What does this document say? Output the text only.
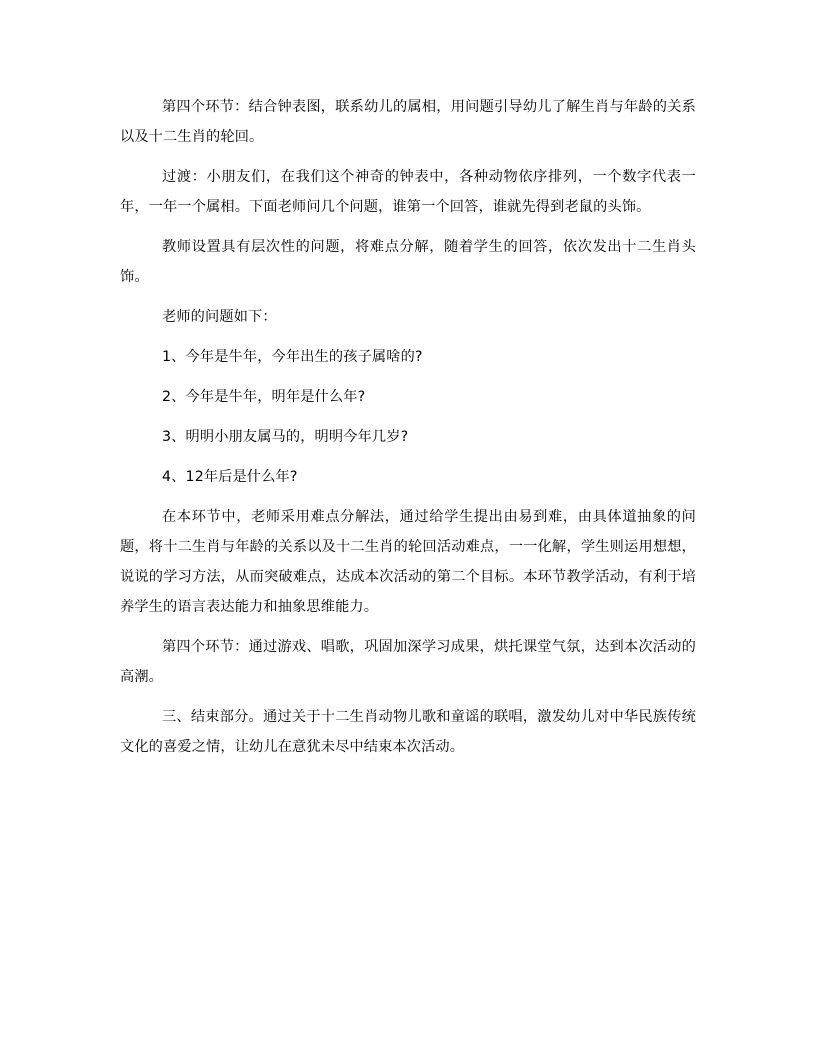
第四个环节：结合钟表图，联系幼儿的属相，用问题引导幼儿了解生肖与年龄的关系以及十二生肖的轮回。

过渡：小朋友们，在我们这个神奇的钟表中，各种动物依序排列，一个数字代表一年，一年一个属相。下面老师问几个问题，谁第一个回答，谁就先得到老鼠的头饰。

教师设置具有层次性的问题，将难点分解，随着学生的回答，依次发出十二生肖头饰。

老师的问题如下：

1、今年是牛年，今年出生的孩子属啥的?

2、今年是牛年，明年是什么年?

3、明明小朋友属马的，明明今年几岁?

4、12年后是什么年?

在本环节中，老师采用难点分解法，通过给学生提出由易到难，由具体道抽象的问题，将十二生肖与年龄的关系以及十二生肖的轮回活动难点，一一化解，学生则运用想想，说说的学习方法，从而突破难点，达成本次活动的第二个目标。本环节教学活动，有利于培养学生的语言表达能力和抽象思维能力。

第四个环节：通过游戏、唱歌，巩固加深学习成果，烘托课堂气氛，达到本次活动的高潮。

三、结束部分。通过关于十二生肖动物儿歌和童谣的联唱，激发幼儿对中华民族传统文化的喜爱之情，让幼儿在意犹未尽中结束本次活动。
